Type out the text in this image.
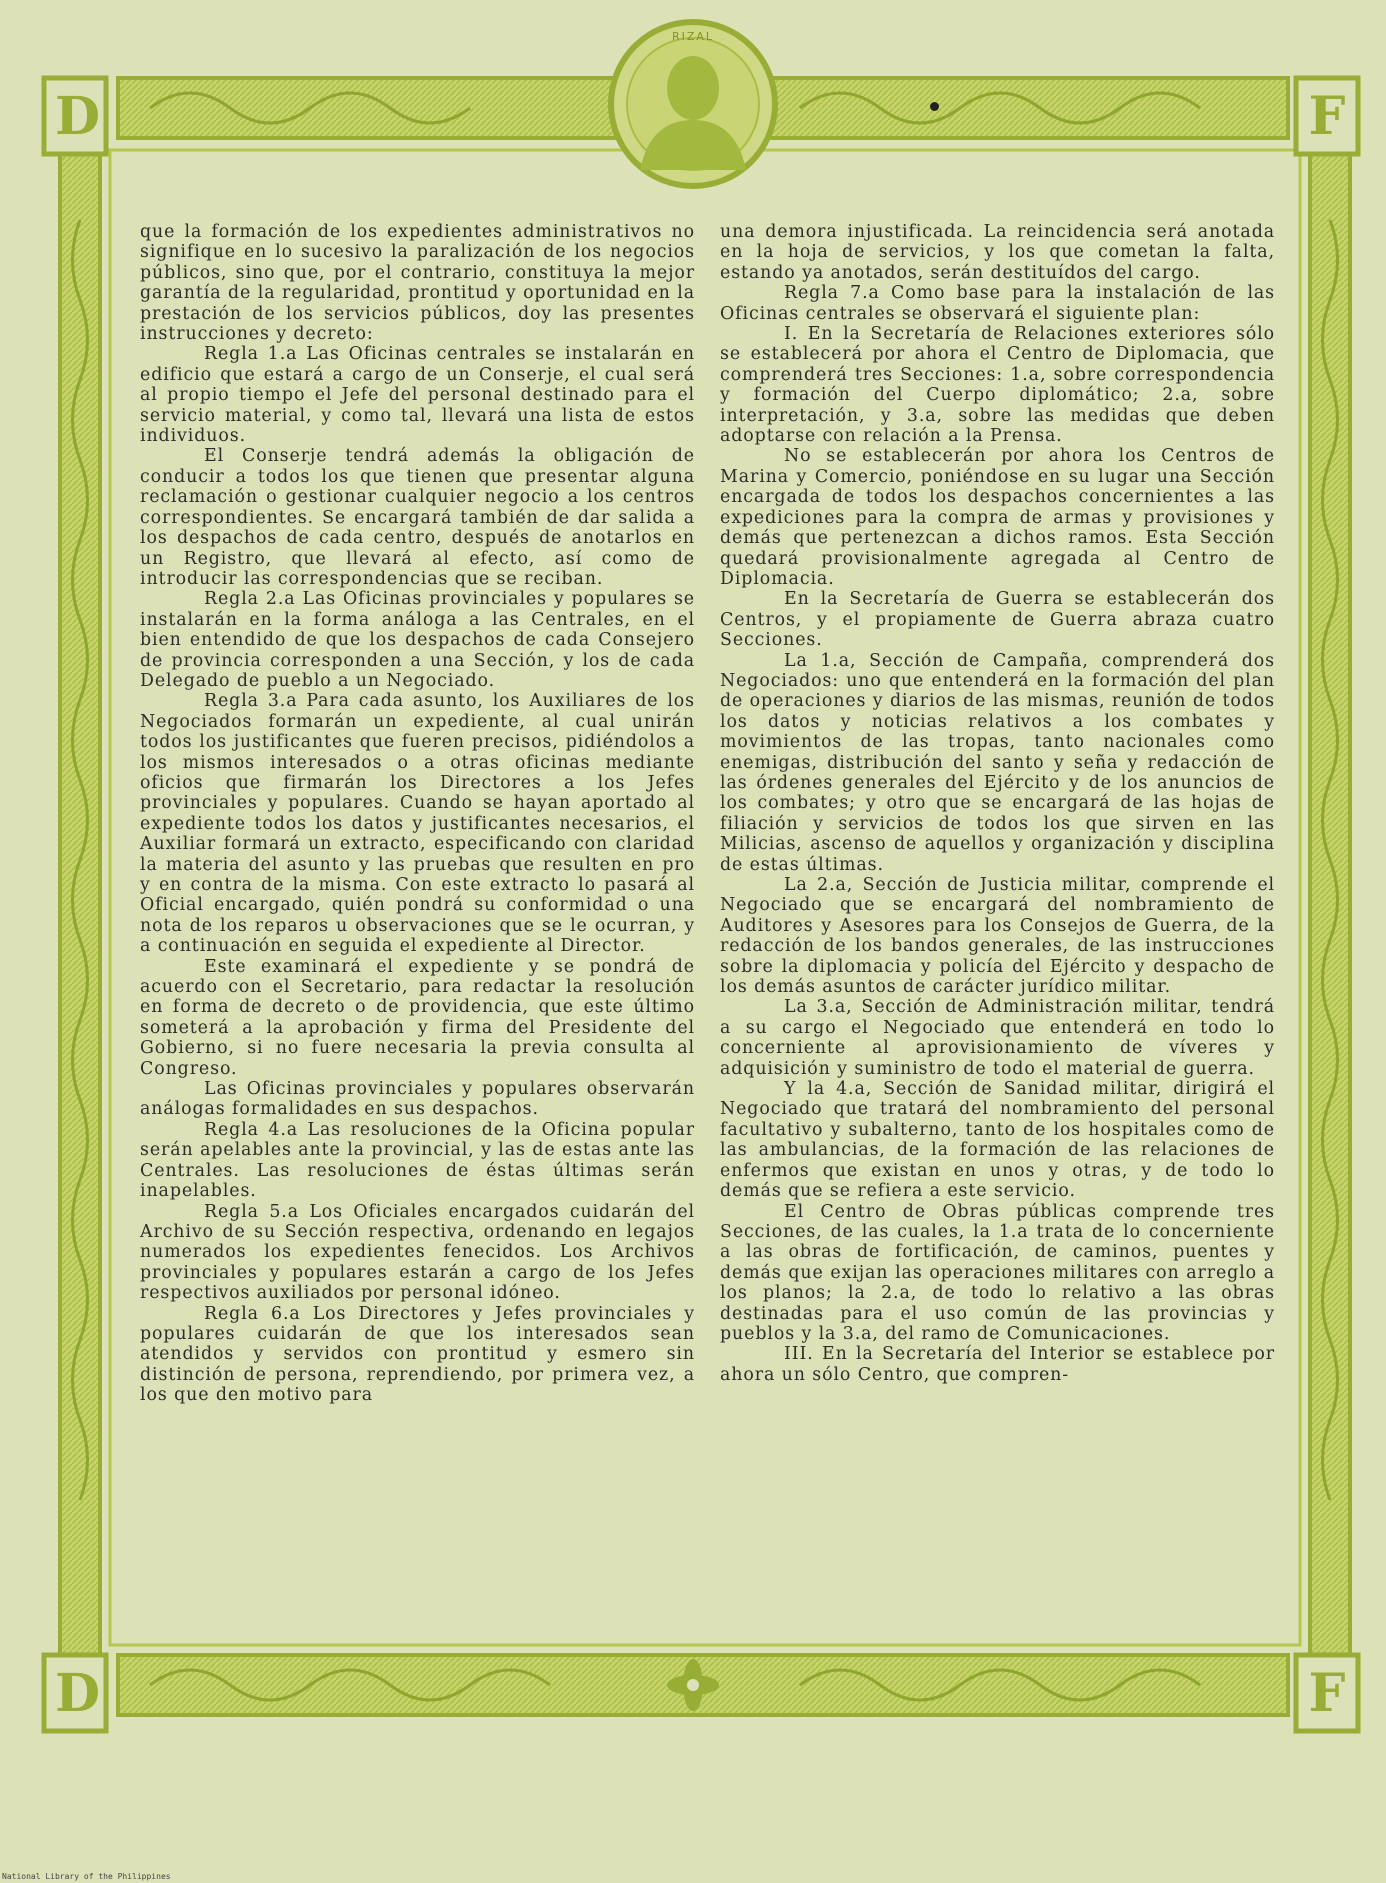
D	F
D	F
RIZAL

que la formación de los expedientes administrativos no signifique en lo sucesivo la paralización de los negocios públicos, sino que, por el contrario, constituya la mejor garantía de la regularidad, prontitud y oportunidad en la prestación de los servicios públicos, doy las presentes instrucciones y decreto:

Regla 1.a Las Oficinas centrales se instalarán en edificio que estará a cargo de un Conserje, el cual será al propio tiempo el Jefe del personal destinado para el servicio material, y como tal, llevará una lista de estos individuos.

El Conserje tendrá además la obligación de conducir a todos los que tienen que presentar alguna reclamación o gestionar cualquier negocio a los centros correspondientes. Se encargará también de dar salida a los despachos de cada centro, después de anotarlos en un Registro, que llevará al efecto, así como de introducir las correspondencias que se reciban.

Regla 2.a Las Oficinas provinciales y populares se instalarán en la forma análoga a las Centrales, en el bien entendido de que los despachos de cada Consejero de provincia corresponden a una Sección, y los de cada Delegado de pueblo a un Negociado.

Regla 3.a Para cada asunto, los Auxiliares de los Negociados formarán un expediente, al cual unirán todos los justificantes que fueren precisos, pidiéndolos a los mismos interesados o a otras oficinas mediante oficios que firmarán los Directores a los Jefes provinciales y populares. Cuando se hayan aportado al expediente todos los datos y justificantes necesarios, el Auxiliar formará un extracto, especificando con claridad la materia del asunto y las pruebas que resulten en pro y en contra de la misma. Con este extracto lo pasará al Oficial encargado, quién pondrá su conformidad o una nota de los reparos u observaciones que se le ocurran, y a continuación en seguida el expediente al Director.

Este examinará el expediente y se pondrá de acuerdo con el Secretario, para redactar la resolución en forma de decreto o de providencia, que este último someterá a la aprobación y firma del Presidente del Gobierno, si no fuere necesaria la previa consulta al Congreso.

Las Oficinas provinciales y populares observarán análogas formalidades en sus despachos.

Regla 4.a Las resoluciones de la Oficina popular serán apelables ante la provincial, y las de estas ante las Centrales. Las resoluciones de éstas últimas serán inapelables.

Regla 5.a Los Oficiales encargados cuidarán del Archivo de su Sección respectiva, ordenando en legajos numerados los expedientes fenecidos. Los Archivos provinciales y populares estarán a cargo de los Jefes respectivos auxiliados por personal idóneo.

Regla 6.a Los Directores y Jefes provinciales y populares cuidarán de que los interesados sean atendidos y servidos con prontitud y esmero sin distinción de persona, reprendiendo, por primera vez, a los que den motivo para

una demora injustificada. La reincidencia será anotada en la hoja de servicios, y los que cometan la falta, estando ya anotados, serán destituídos del cargo.

Regla 7.a Como base para la instalación de las Oficinas centrales se observará el siguiente plan:

I. En la Secretaría de Relaciones exteriores sólo se establecerá por ahora el Centro de Diplomacia, que comprenderá tres Secciones: 1.a, sobre correspondencia y formación del Cuerpo diplomático; 2.a, sobre interpretación, y 3.a, sobre las medidas que deben adoptarse con relación a la Prensa.

No se establecerán por ahora los Centros de Marina y Comercio, poniéndose en su lugar una Sección encargada de todos los despachos concernientes a las expediciones para la compra de armas y provisiones y demás que pertenezcan a dichos ramos. Esta Sección quedará provisionalmente agregada al Centro de Diplomacia.

En la Secretaría de Guerra se establecerán dos Centros, y el propiamente de Guerra abraza cuatro Secciones.

La 1.a, Sección de Campaña, comprenderá dos Negociados: uno que entenderá en la formación del plan de operaciones y diarios de las mismas, reunión de todos los datos y noticias relativos a los combates y movimientos de las tropas, tanto nacionales como enemigas, distribución del santo y seña y redacción de las órdenes generales del Ejército y de los anuncios de los combates; y otro que se encargará de las hojas de filiación y servicios de todos los que sirven en las Milicias, ascenso de aquellos y organización y disciplina de estas últimas.

La 2.a, Sección de Justicia militar, comprende el Negociado que se encargará del nombramiento de Auditores y Asesores para los Consejos de Guerra, de la redacción de los bandos generales, de las instrucciones sobre la diplomacia y policía del Ejército y despacho de los demás asuntos de carácter jurídico militar.

La 3.a, Sección de Administración militar, tendrá a su cargo el Negociado que entenderá en todo lo concerniente al aprovisionamiento de víveres y adquisición y suministro de todo el material de guerra.

Y la 4.a, Sección de Sanidad militar, dirigirá el Negociado que tratará del nombramiento del personal facultativo y subalterno, tanto de los hospitales como de las ambulancias, de la formación de las relaciones de enfermos que existan en unos y otras, y de todo lo demás que se refiera a este servicio.

El Centro de Obras públicas comprende tres Secciones, de las cuales, la 1.a trata de lo concerniente a las obras de fortificación, de caminos, puentes y demás que exijan las operaciones militares con arreglo a los planos; la 2.a, de todo lo relativo a las obras destinadas para el uso común de las provincias y pueblos y la 3.a, del ramo de Comunicaciones.

III. En la Secretaría del Interior se establece por ahora un sólo Centro, que compren-

National Library of the Philippines
